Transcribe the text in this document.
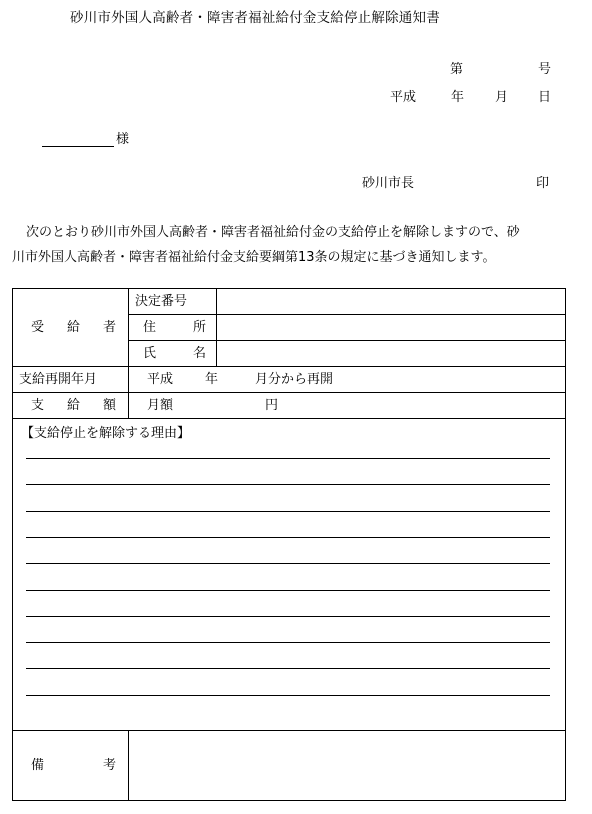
砂川市外国人高齢者・障害者福祉給付金支給停止解除通知書
第	号
平成	年 月 日
様
砂川市長	印
次のとおり砂川市外国人高齢者・障害者福祉給付金の支給停止を解除しますので、砂
川市外国人高齢者・障害者福祉給付金支給要綱第13条の規定に基づき通知します。
受 給 者	決定番号	

	住 所	

	氏 名	

支給再開年月	平成 年 月分から再開	

支 給 額	月額 円	

【支給停止を解除する理由】		

備 考		
